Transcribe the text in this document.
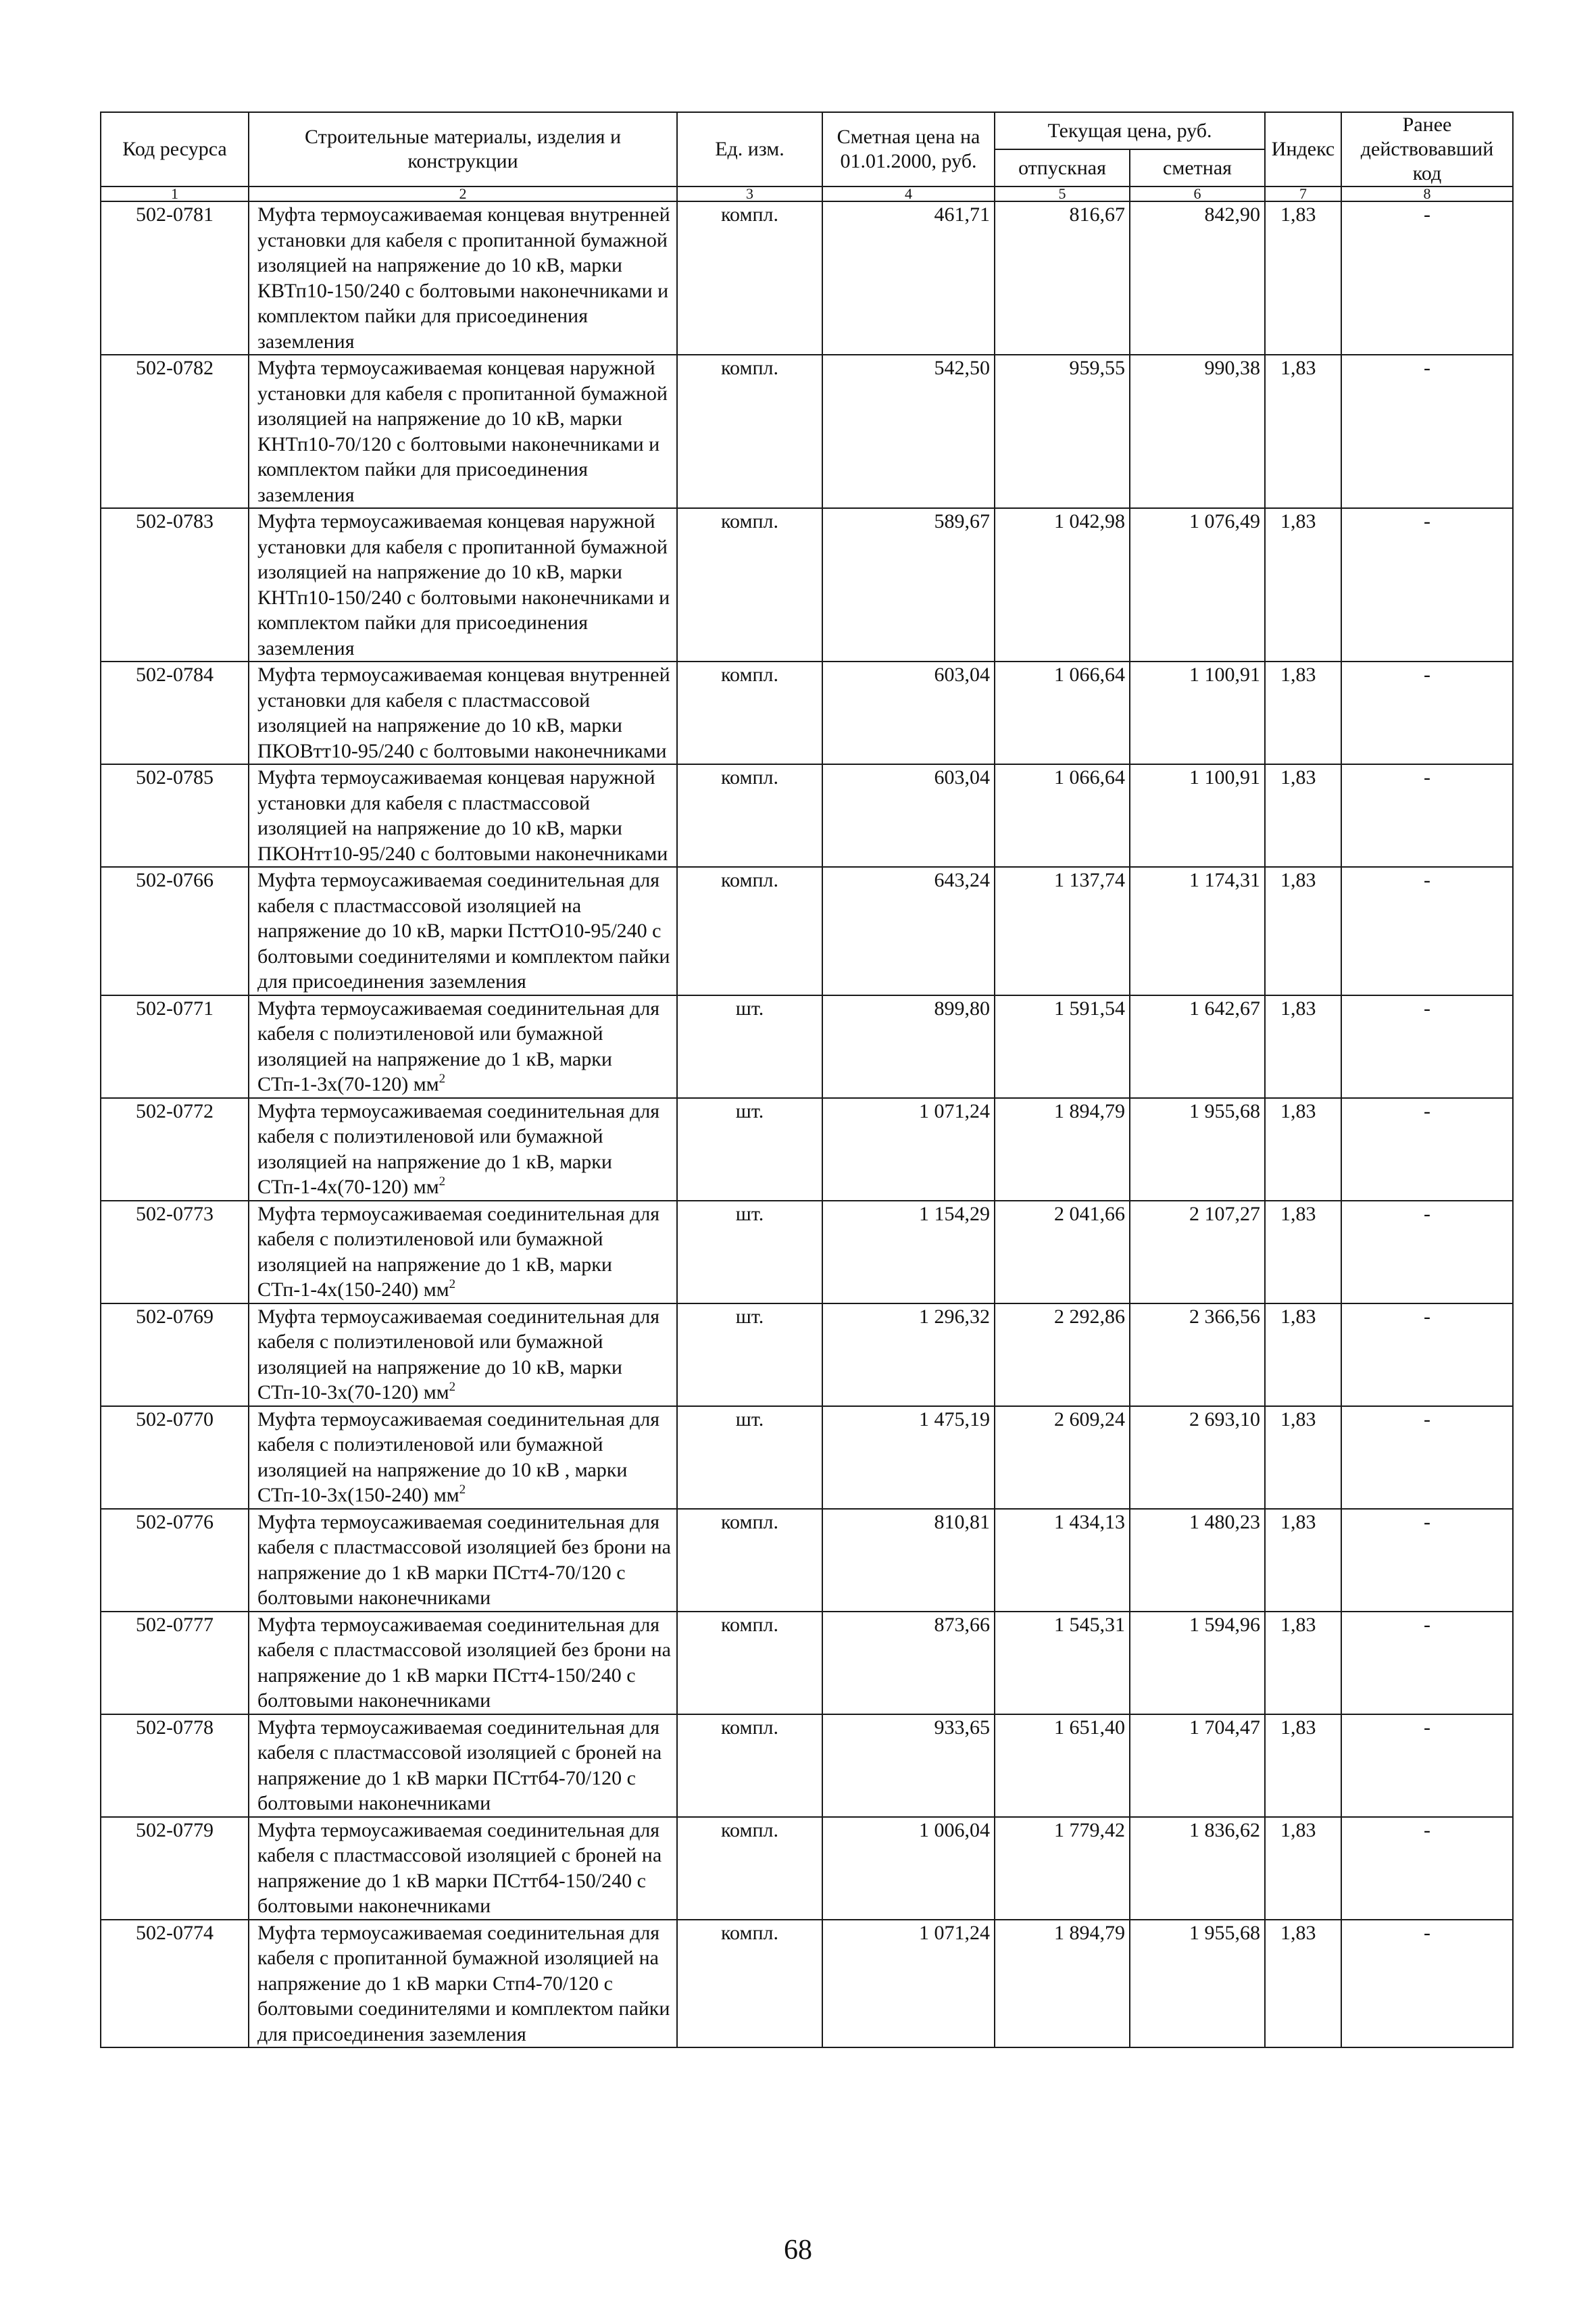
Код ресурса	Строительные материалы, изделия и конструкции	Ед. изм.	Сметная цена на 01.01.2000, руб.	Текущая цена, руб.		Индекс	Ранее действовавший код
				отпускная	сметная		
1	2	3	4	5	6	7	8
502-0781	Муфта термоусаживаемая концевая внутренней установки для кабеля с пропитанной бумажной изоляцией на напряжение до 10 кВ, марки КВТп10-150/240 с болтовыми наконечниками и комплектом пайки для присоединения заземления	компл.	461,71	816,67	842,90	1,83	-
502-0782	Муфта термоусаживаемая концевая наружной установки для кабеля с пропитанной бумажной изоляцией на напряжение до 10 кВ, марки КНТп10-70/120 с болтовыми наконечниками и комплектом пайки для присоединения заземления	компл.	542,50	959,55	990,38	1,83	-
502-0783	Муфта термоусаживаемая концевая наружной установки для кабеля с пропитанной бумажной изоляцией на напряжение до 10 кВ, марки КНТп10-150/240 с болтовыми наконечниками и комплектом пайки для присоединения заземления	компл.	589,67	1 042,98	1 076,49	1,83	-
502-0784	Муфта термоусаживаемая концевая внутренней установки для кабеля с пластмассовой изоляцией на напряжение до 10 кВ, марки ПКОВтт10-95/240 с болтовыми наконечниками	компл.	603,04	1 066,64	1 100,91	1,83	-
502-0785	Муфта термоусаживаемая концевая наружной установки для кабеля с пластмассовой изоляцией на напряжение до 10 кВ, марки ПКОНтт10-95/240 с болтовыми наконечниками	компл.	603,04	1 066,64	1 100,91	1,83	-
502-0766	Муфта термоусаживаемая соединительная для кабеля с пластмассовой изоляцией на напряжение до 10 кВ, марки ПсттО10-95/240 с болтовыми соединителями и комплектом пайки для присоединения заземления	компл.	643,24	1 137,74	1 174,31	1,83	-
502-0771	Муфта термоусаживаемая соединительная для кабеля с полиэтиленовой или бумажной изоляцией на напряжение до 1 кВ, марки СТп-1-3х(70-120) $мм^2$	шт.	899,80	1 591,54	1 642,67	1,83	-
502-0772	Муфта термоусаживаемая соединительная для кабеля с полиэтиленовой или бумажной изоляцией на напряжение до 1 кВ, марки СТп-1-4х(70-120) $мм^2$	шт.	1 071,24	1 894,79	1 955,68	1,83	-
502-0773	Муфта термоусаживаемая соединительная для кабеля с полиэтиленовой или бумажной изоляцией на напряжение до 1 кВ, марки СТп-1-4х(150-240) $мм^2$	шт.	1 154,29	2 041,66	2 107,27	1,83	-
502-0769	Муфта термоусаживаемая соединительная для кабеля с полиэтиленовой или бумажной изоляцией на напряжение до 10 кВ, марки СТп-10-3х(70-120) $мм^2$	шт.	1 296,32	2 292,86	2 366,56	1,83	-
502-0770	Муфта термоусаживаемая соединительная для кабеля с полиэтиленовой или бумажной изоляцией на напряжение до 10 кВ , марки СТп-10-3х(150-240) $мм^2$	шт.	1 475,19	2 609,24	2 693,10	1,83	-
502-0776	Муфта термоусаживаемая соединительная для кабеля с пластмассовой изоляцией без брони на напряжение до 1 кВ марки ПСтт4-70/120 с болтовыми наконечниками	компл.	810,81	1 434,13	1 480,23	1,83	-
502-0777	Муфта термоусаживаемая соединительная для кабеля с пластмассовой изоляцией без брони на напряжение до 1 кВ марки ПСтт4-150/240 с болтовыми наконечниками	компл.	873,66	1 545,31	1 594,96	1,83	-
502-0778	Муфта термоусаживаемая соединительная для кабеля с пластмассовой изоляцией с броней на напряжение до 1 кВ марки ПСттб4-70/120 с болтовыми наконечниками	компл.	933,65	1 651,40	1 704,47	1,83	-
502-0779	Муфта термоусаживаемая соединительная для кабеля с пластмассовой изоляцией с броней на напряжение до 1 кВ марки ПСттб4-150/240 с болтовыми наконечниками	компл.	1 006,04	1 779,42	1 836,62	1,83	-
502-0774	Муфта термоусаживаемая соединительная для кабеля с пропитанной бумажной изоляцией на напряжение до 1 кВ марки Стп4-70/120 с болтовыми соединителями и комплектом пайки для присоединения заземления	компл.	1 071,24	1 894,79	1 955,68	1,83	-
68
